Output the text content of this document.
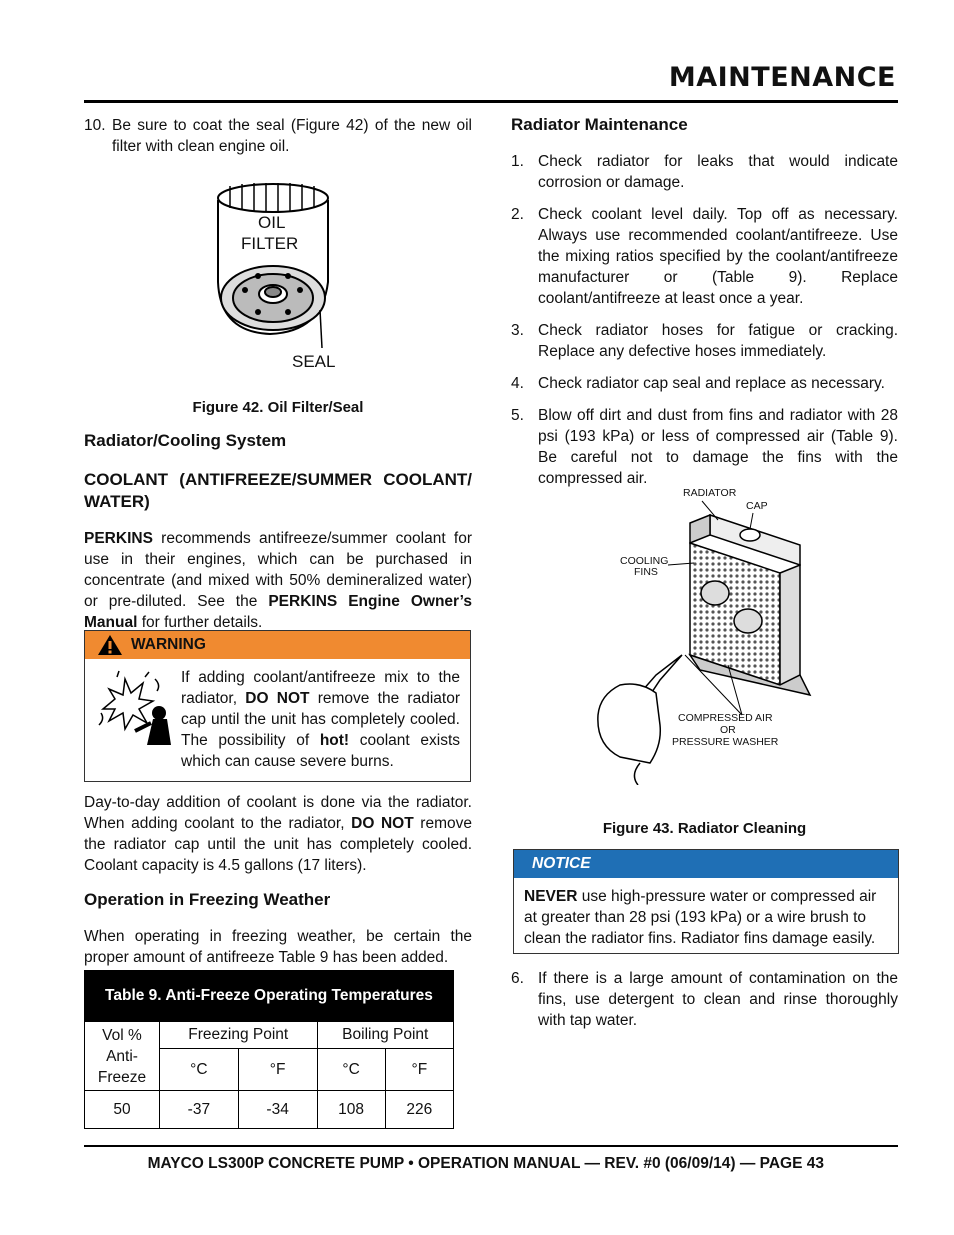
MAINTENANCE
10. Be sure to coat the seal (Figure 42) of the new oil filter with clean engine oil.
OIL
FILTER
SEAL
Figure 42. Oil Filter/Seal
Radiator/Cooling System
COOLANT (ANTIFREEZE/SUMMER COOLANT/ WATER)
PERKINS recommends antifreeze/summer coolant for use in their engines, which can be purchased in concentrate (and mixed with 50% demineralized water) or pre-diluted. See the PERKINS Engine Owner’s Manual for further details.
WARNING
If adding coolant/antifreeze mix to the radiator, DO NOT remove the radiator cap until the unit has completely cooled. The possibility of hot! coolant exists which can cause severe burns.
Day-to-day addition of coolant is done via the radiator. When adding coolant to the radiator, DO NOT remove the radiator cap until the unit has completely cooled. Coolant capacity is 4.5 gallons (17 liters).
Operation in Freezing Weather
When operating in freezing weather, be certain the proper amount of antifreeze Table 9 has been added.
Table 9. Anti-Freeze Operating Temperatures				
Vol % Anti- Freeze	Freezing Point		Boiling Point	
	°C	°F	°C	°F
50	-37	-34	108	226
Radiator Maintenance
1. Check radiator for leaks that would indicate corrosion or damage.
2. Check coolant level daily. Top off as necessary. Always use recommended coolant/antifreeze. Use the mixing ratios specified by the coolant/antifreeze manufacturer or (Table 9). Replace coolant/antifreeze at least once a year.
3. Check radiator hoses for fatigue or cracking. Replace any defective hoses immediately.
4. Check radiator cap seal and replace as necessary.
5. Blow off dirt and dust from fins and radiator with 28 psi (193 kPa) or less of compressed air (Table 9). Be careful not to damage the fins with the compressed air.
RADIATOR
CAP
COOLING
FINS
COMPRESSED AIR
OR
PRESSURE WASHER
Figure 43. Radiator Cleaning
NOTICE
NEVER use high-pressure water or compressed air at greater than 28 psi (193 kPa) or a wire brush to clean the radiator fins. Radiator fins damage easily.
6. If there is a large amount of contamination on the fins, use detergent to clean and rinse thoroughly with tap water.
MAYCO LS300P CONCRETE PUMP • OPERATION MANUAL — REV. #0 (06/09/14) — PAGE 43
